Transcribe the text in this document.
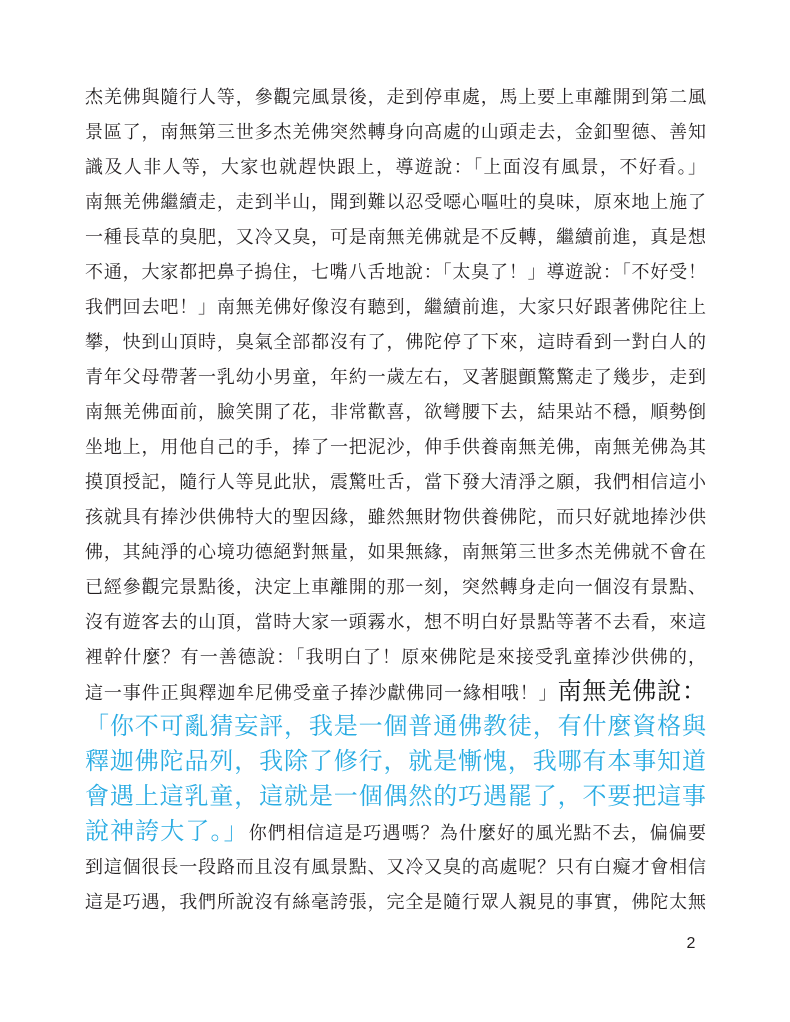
杰羌佛與隨行人等，參觀完風景後，走到停車處，馬上要上車離開到第二風
景區了，南無第三世多杰羌佛突然轉身向高處的山頭走去，金釦聖德、善知
識及人非人等，大家也就趕快跟上，導遊說：「上面沒有風景，不好看。」
南無羌佛繼續走，走到半山，聞到難以忍受噁心嘔吐的臭味，原來地上施了
一種長草的臭肥，又冷又臭，可是南無羌佛就是不反轉，繼續前進，真是想
不通，大家都把鼻子摀住，七嘴八舌地說：「太臭了！」導遊說：「不好受！
我們回去吧！」南無羌佛好像沒有聽到，繼續前進，大家只好跟著佛陀往上
攀，快到山頂時，臭氣全部都沒有了，佛陀停了下來，這時看到一對白人的
青年父母帶著一乳幼小男童，年約一歲左右，叉著腿顫驚驚走了幾步，走到
南無羌佛面前，臉笑開了花，非常歡喜，欲彎腰下去，結果站不穩，順勢倒
坐地上，用他自己的手，捧了一把泥沙，伸手供養南無羌佛，南無羌佛為其
摸頂授記，隨行人等見此狀，震驚吐舌，當下發大清淨之願，我們相信這小
孩就具有捧沙供佛特大的聖因緣，雖然無財物供養佛陀，而只好就地捧沙供
佛，其純淨的心境功德絕對無量，如果無緣，南無第三世多杰羌佛就不會在
已經參觀完景點後，決定上車離開的那一刻，突然轉身走向一個沒有景點、
沒有遊客去的山頂，當時大家一頭霧水，想不明白好景點等著不去看，來這
裡幹什麼？有一善德說：「我明白了！原來佛陀是來接受乳童捧沙供佛的，
這一事件正與釋迦牟尼佛受童子捧沙獻佛同一緣相哦！」南無羌佛說：
「你不可亂猜妄評，我是一個普通佛教徒，有什麼資格與
釋迦佛陀品列，我除了修行，就是慚愧，我哪有本事知道
會遇上這乳童，這就是一個偶然的巧遇罷了，不要把這事
說神誇大了。」你們相信這是巧遇嗎？為什麼好的風光點不去，偏偏要
到這個很長一段路而且沒有風景點、又冷又臭的高處呢？只有白癡才會相信
這是巧遇，我們所說沒有絲毫誇張，完全是隨行眾人親見的事實，佛陀太無
2
